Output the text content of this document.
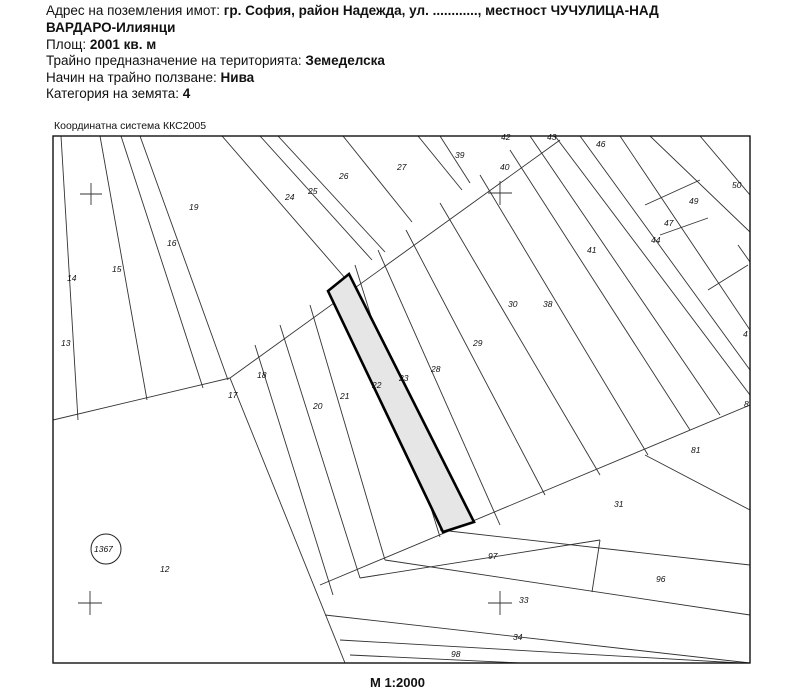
Адрес на поземления имот: гр. София, район Надежда, ул. ............, местност ЧУЧУЛИЦА-НАД
ВАРДАРО-Илиянци
Площ: 2001 кв. м
Трайно предназначение на територията: Земеделска
Начин на трайно ползване: Нива
Категория на земята: 4
Координатна система ККС2005
1367
12
13
14
15
16
17
18
19
20
21
22
23
24
25
26
27
28
29
30
31
33
34
38
39
40
41
44
46
47
49
50
81
96
97
98
42	43
4
8
М 1:2000
